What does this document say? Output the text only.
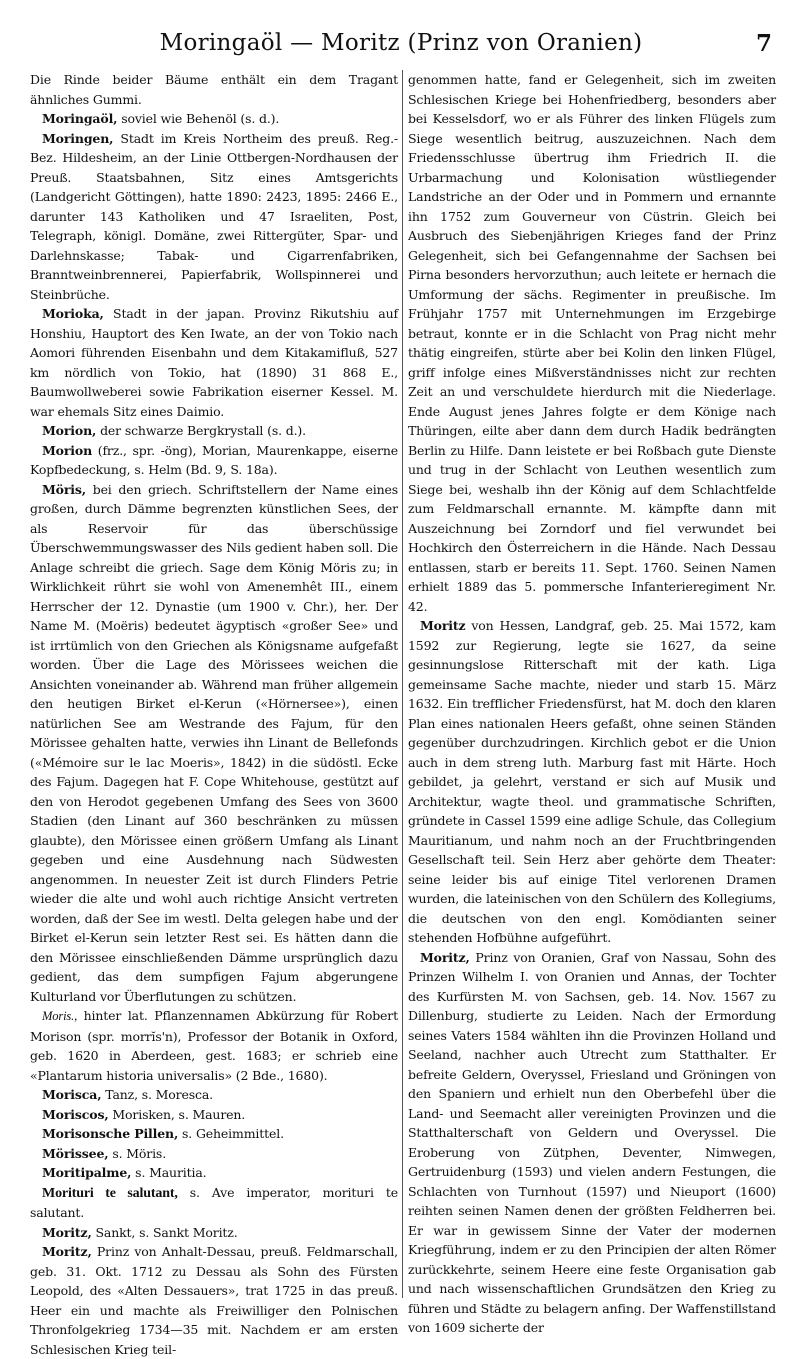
Moringaöl — Moritz (Prinz von Oranien)	7

Die Rinde beider Bäume enthält ein dem Tragant ähnliches Gummi.

Moringaöl, soviel wie Behenöl (s. d.).

Moringen, Stadt im Kreis Northeim des preuß. Reg.-Bez. Hildesheim, an der Linie Ottbergen-Nordhausen der Preuß. Staatsbahnen, Sitz eines Amtsgerichts (Landgericht Göttingen), hatte 1890: 2423, 1895: 2466 E., darunter 143 Katholiken und 47 Israeliten, Post, Telegraph, königl. Domäne, zwei Rittergüter, Spar- und Darlehnskasse; Tabak- und Cigarrenfabriken, Branntweinbrennerei, Papierfabrik, Wollspinnerei und Steinbrüche.

Morioka, Stadt in der japan. Provinz Rikutshiu auf Honshiu, Hauptort des Ken Iwate, an der von Tokio nach Aomori führenden Eisenbahn und dem Kitakamifluß, 527 km nördlich von Tokio, hat (1890) 31 868 E., Baumwollweberei sowie Fabrikation eiserner Kessel. M. war ehemals Sitz eines Daimio.

Morion, der schwarze Bergkrystall (s. d.).

Morion (frz., spr. -öng), Morian, Maurenkappe, eiserne Kopfbedeckung, s. Helm (Bd. 9, S. 18a).

Möris, bei den griech. Schriftstellern der Name eines großen, durch Dämme begrenzten künstlichen Sees, der als Reservoir für das überschüssige Überschwemmungswasser des Nils gedient haben soll. Die Anlage schreibt die griech. Sage dem König Möris zu; in Wirklichkeit rührt sie wohl von Amenemhêt III., einem Herrscher der 12. Dynastie (um 1900 v. Chr.), her. Der Name M. (Moëris) bedeutet ägyptisch «großer See» und ist irrtümlich von den Griechen als Königsname aufgefaßt worden. Über die Lage des Mörissees weichen die Ansichten voneinander ab. Während man früher allgemein den heutigen Birket el-Kerun («Hörnersee»), einen natürlichen See am Westrande des Fajum, für den Mörissee gehalten hatte, verwies ihn Linant de Bellefonds («Mémoire sur le lac Moeris», 1842) in die südöstl. Ecke des Fajum. Dagegen hat F. Cope Whitehouse, gestützt auf den von Herodot gegebenen Umfang des Sees von 3600 Stadien (den Linant auf 360 beschränken zu müssen glaubte), den Mörissee einen größern Umfang als Linant gegeben und eine Ausdehnung nach Südwesten angenommen. In neuester Zeit ist durch Flinders Petrie wieder die alte und wohl auch richtige Ansicht vertreten worden, daß der See im westl. Delta gelegen habe und der Birket el-Kerun sein letzter Rest sei. Es hätten dann die den Mörissee einschließenden Dämme ursprünglich dazu gedient, das dem sumpfigen Fajum abgerungene Kulturland vor Überflutungen zu schützen.

Moris., hinter lat. Pflanzennamen Abkürzung für Robert Morison (spr. morrĭs'n), Professor der Botanik in Oxford, geb. 1620 in Aberdeen, gest. 1683; er schrieb eine «Plantarum historia universalis» (2 Bde., 1680).

Morisca, Tanz, s. Moresca.

Moriscos, Morisken, s. Mauren.

Morisonsche Pillen, s. Geheimmittel.

Mörissee, s. Möris.

Moritipalme, s. Mauritia.

Morituri te salutant, s. Ave imperator, morituri te salutant.

Moritz, Sankt, s. Sankt Moritz.

Moritz, Prinz von Anhalt-Dessau, preuß. Feldmarschall, geb. 31. Okt. 1712 zu Dessau als Sohn des Fürsten Leopold, des «Alten Dessauers», trat 1725 in das preuß. Heer ein und machte als Freiwilliger den Polnischen Thronfolgekrieg 1734—35 mit. Nachdem er am ersten Schlesischen Krieg teil-

genommen hatte, fand er Gelegenheit, sich im zweiten Schlesischen Kriege bei Hohenfriedberg, besonders aber bei Kesselsdorf, wo er als Führer des linken Flügels zum Siege wesentlich beitrug, auszuzeichnen. Nach dem Friedensschlusse übertrug ihm Friedrich II. die Urbarmachung und Kolonisation wüstliegender Landstriche an der Oder und in Pommern und ernannte ihn 1752 zum Gouverneur von Cüstrin. Gleich bei Ausbruch des Siebenjährigen Krieges fand der Prinz Gelegenheit, sich bei Gefangennahme der Sachsen bei Pirna besonders hervorzuthun; auch leitete er hernach die Umformung der sächs. Regimenter in preußische. Im Frühjahr 1757 mit Unternehmungen im Erzgebirge betraut, konnte er in die Schlacht von Prag nicht mehr thätig eingreifen, stürte aber bei Kolin den linken Flügel, griff infolge eines Mißverständnisses nicht zur rechten Zeit an und verschuldete hierdurch mit die Niederlage. Ende August jenes Jahres folgte er dem Könige nach Thüringen, eilte aber dann dem durch Hadik bedrängten Berlin zu Hilfe. Dann leistete er bei Roßbach gute Dienste und trug in der Schlacht von Leuthen wesentlich zum Siege bei, weshalb ihn der König auf dem Schlachtfelde zum Feldmarschall ernannte. M. kämpfte dann mit Auszeichnung bei Zorndorf und fiel verwundet bei Hochkirch den Österreichern in die Hände. Nach Dessau entlassen, starb er bereits 11. Sept. 1760. Seinen Namen erhielt 1889 das 5. pommersche Infanterieregiment Nr. 42.

Moritz von Hessen, Landgraf, geb. 25. Mai 1572, kam 1592 zur Regierung, legte sie 1627, da seine gesinnungslose Ritterschaft mit der kath. Liga gemeinsame Sache machte, nieder und starb 15. März 1632. Ein trefflicher Friedensfürst, hat M. doch den klaren Plan eines nationalen Heers gefaßt, ohne seinen Ständen gegenüber durchzudringen. Kirchlich gebot er die Union auch in dem streng luth. Marburg fast mit Härte. Hoch gebildet, ja gelehrt, verstand er sich auf Musik und Architektur, wagte theol. und grammatische Schriften, gründete in Cassel 1599 eine adlige Schule, das Collegium Mauritianum, und nahm noch an der Fruchtbringenden Gesellschaft teil. Sein Herz aber gehörte dem Theater: seine leider bis auf einige Titel verlorenen Dramen wurden, die lateinischen von den Schülern des Kollegiums, die deutschen von den engl. Komödianten seiner stehenden Hofbühne aufgeführt.

Moritz, Prinz von Oranien, Graf von Nassau, Sohn des Prinzen Wilhelm I. von Oranien und Annas, der Tochter des Kurfürsten M. von Sachsen, geb. 14. Nov. 1567 zu Dillenburg, studierte zu Leiden. Nach der Ermordung seines Vaters 1584 wählten ihn die Provinzen Holland und Seeland, nachher auch Utrecht zum Statthalter. Er befreite Geldern, Overyssel, Friesland und Gröningen von den Spaniern und erhielt nun den Oberbefehl über die Land- und Seemacht aller vereinigten Provinzen und die Statthalterschaft von Geldern und Overyssel. Die Eroberung von Zütphen, Deventer, Nimwegen, Gertruidenburg (1593) und vielen andern Festungen, die Schlachten von Turnhout (1597) und Nieuport (1600) reihten seinen Namen denen der größten Feldherren bei. Er war in gewissem Sinne der Vater der modernen Kriegführung, indem er zu den Principien der alten Römer zurückkehrte, seinem Heere eine feste Organisation gab und nach wissenschaftlichen Grundsätzen den Krieg zu führen und Städte zu belagern anfing. Der Waffenstillstand von 1609 sicherte der
